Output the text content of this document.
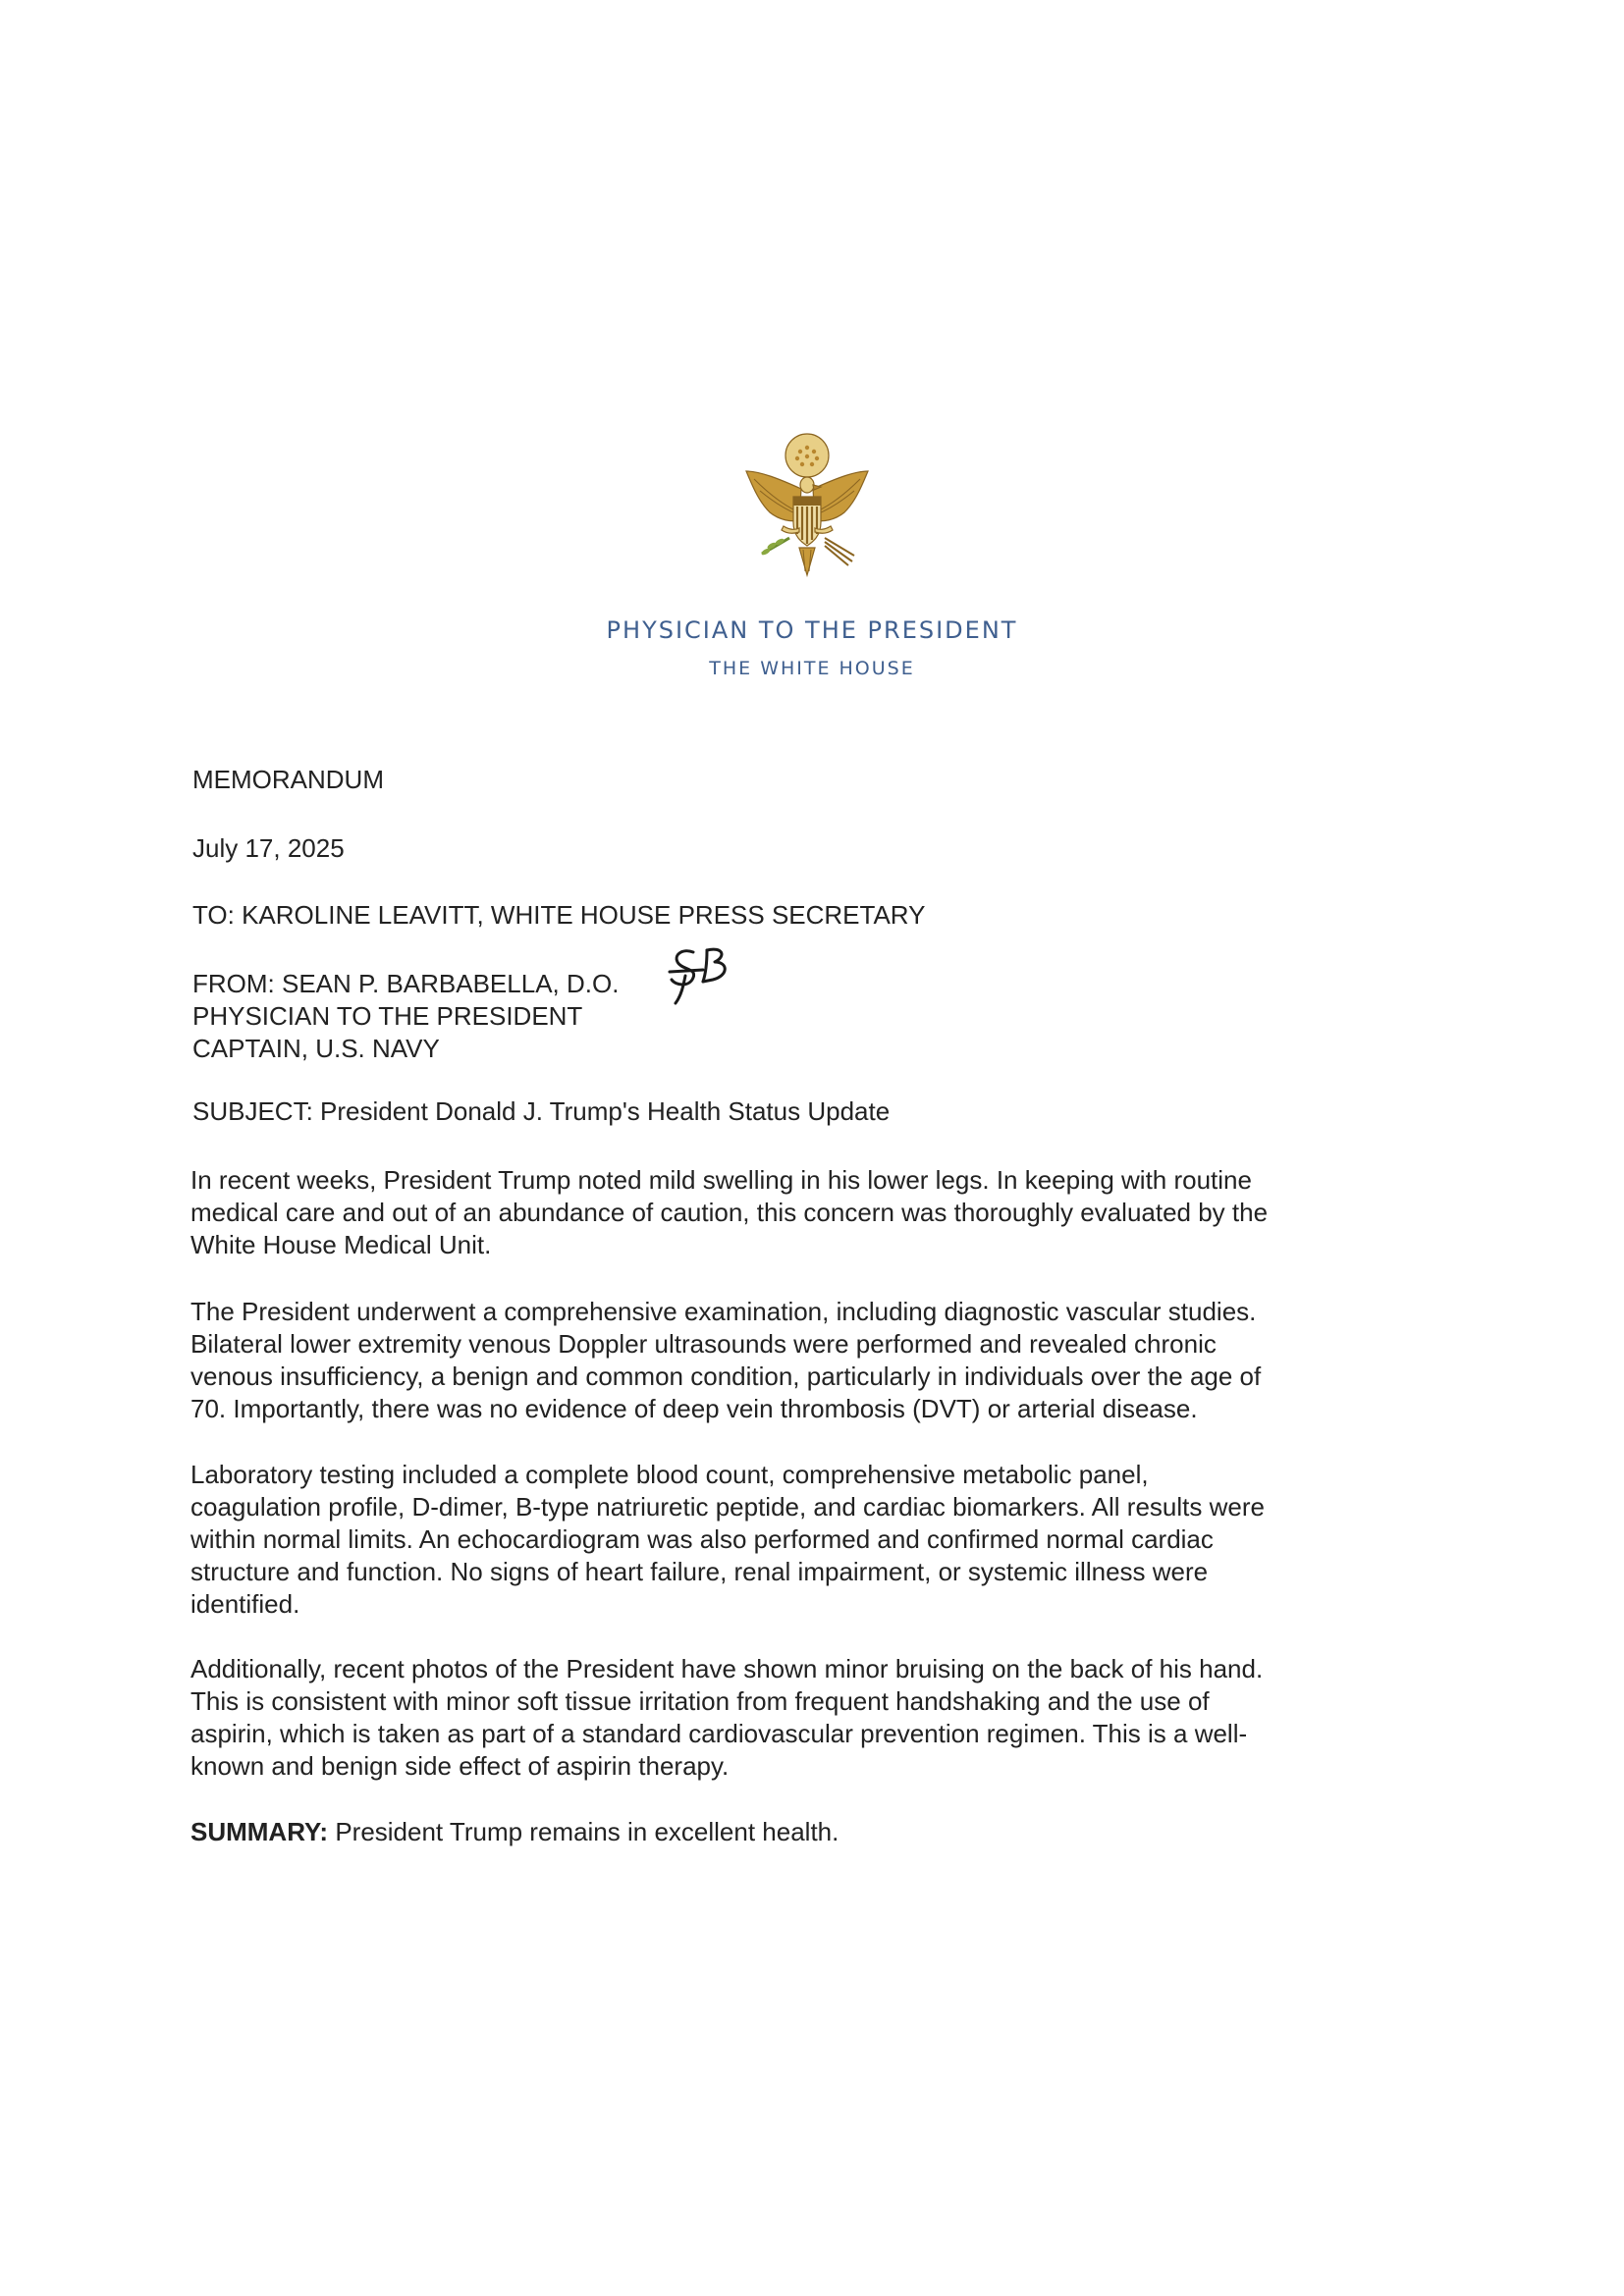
PHYSICIAN TO THE PRESIDENT
THE WHITE HOUSE
MEMORANDUM
July 17, 2025
TO: KAROLINE LEAVITT, WHITE HOUSE PRESS SECRETARY
FROM: SEAN P. BARBABELLA, D.O.
PHYSICIAN TO THE PRESIDENT
CAPTAIN, U.S. NAVY
SUBJECT: President Donald J. Trump's Health Status Update
In recent weeks, President Trump noted mild swelling in his lower legs. In keeping with routine
medical care and out of an abundance of caution, this concern was thoroughly evaluated by the
White House Medical Unit.
The President underwent a comprehensive examination, including diagnostic vascular studies.
Bilateral lower extremity venous Doppler ultrasounds were performed and revealed chronic
venous insufficiency, a benign and common condition, particularly in individuals over the age of
70. Importantly, there was no evidence of deep vein thrombosis (DVT) or arterial disease.
Laboratory testing included a complete blood count, comprehensive metabolic panel,
coagulation profile, D-dimer, B-type natriuretic peptide, and cardiac biomarkers. All results were
within normal limits. An echocardiogram was also performed and confirmed normal cardiac
structure and function. No signs of heart failure, renal impairment, or systemic illness were
identified.
Additionally, recent photos of the President have shown minor bruising on the back of his hand.
This is consistent with minor soft tissue irritation from frequent handshaking and the use of
aspirin, which is taken as part of a standard cardiovascular prevention regimen. This is a well-
known and benign side effect of aspirin therapy.
SUMMARY: President Trump remains in excellent health.
